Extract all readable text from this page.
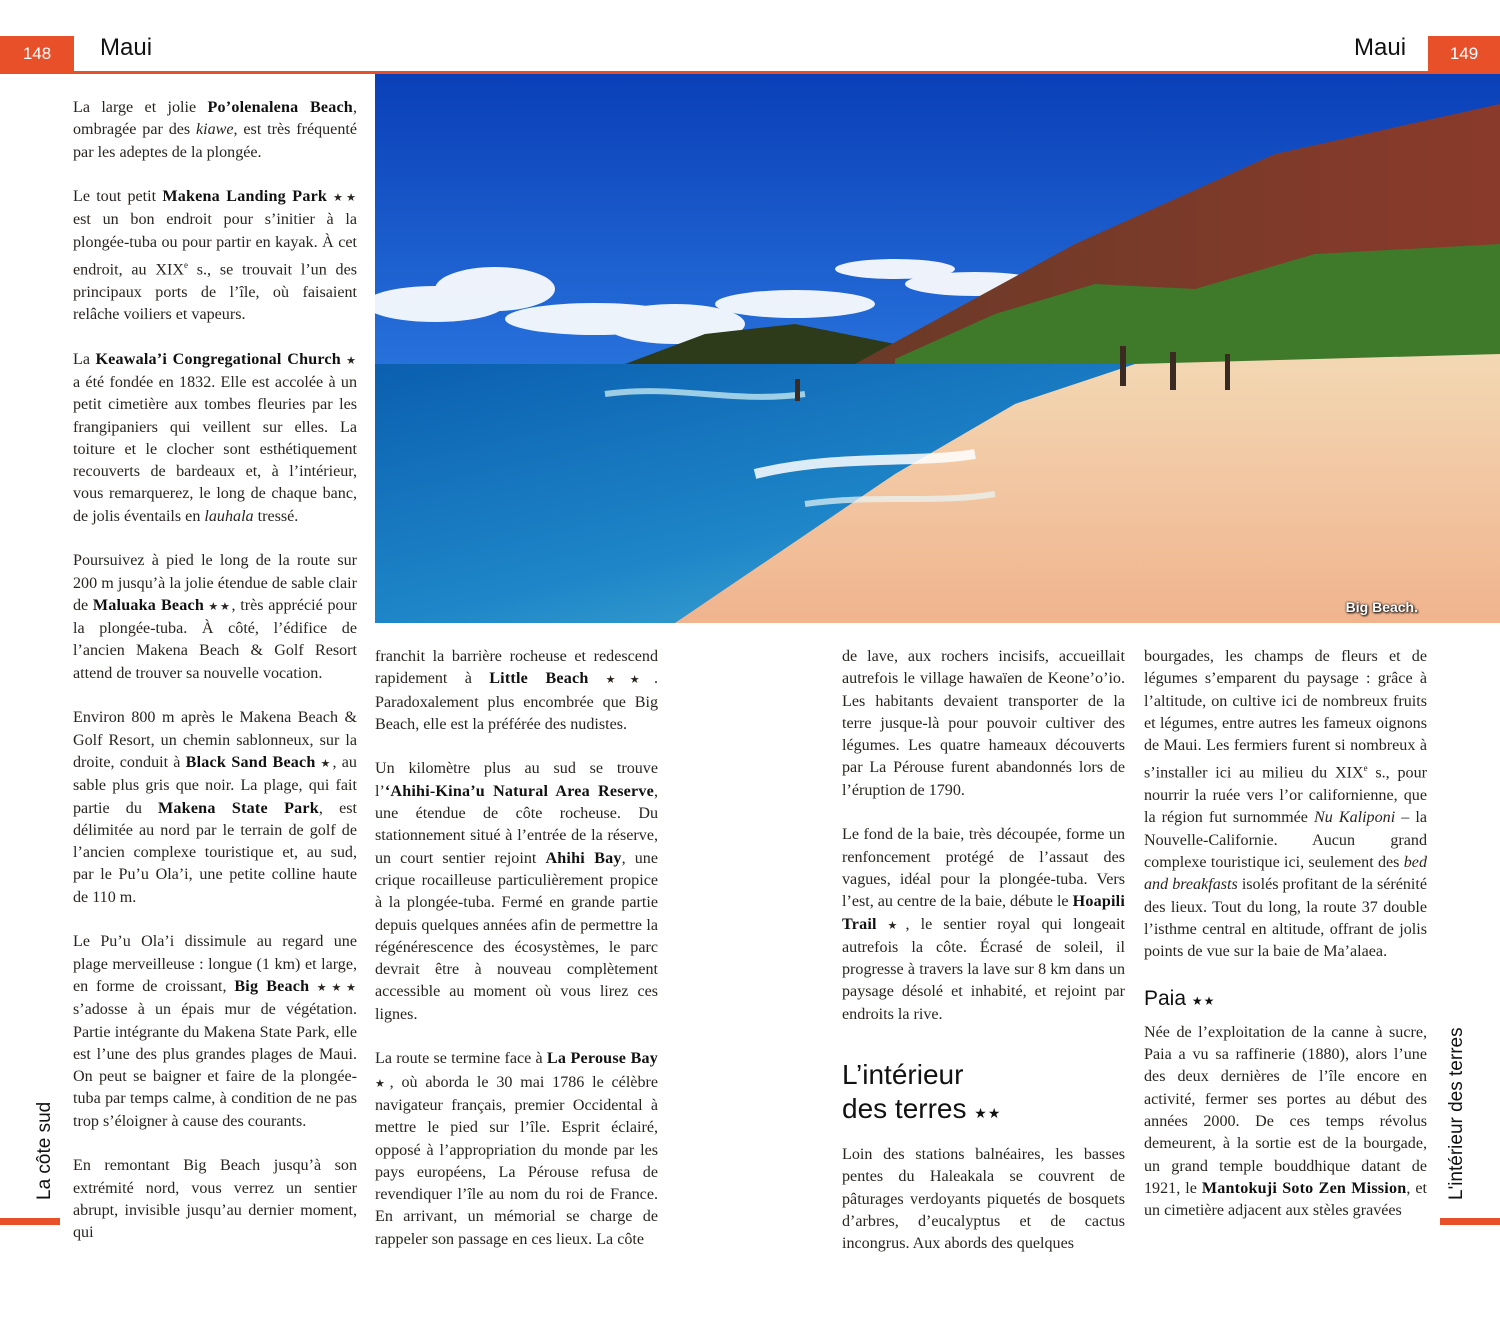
148	Maui	Maui	149
Big Beach.

La large et jolie Po’olenalena Beach, ombragée par des kiawe, est très fréquenté par les adeptes de la plongée.

Le tout petit Makena Landing Park ★★ est un bon endroit pour s’initier à la plongée-tuba ou pour partir en kayak. À cet endroit, au XIXe s., se trouvait l’un des principaux ports de l’île, où faisaient relâche voiliers et vapeurs.

La Keawala’i Congregational Church ★ a été fondée en 1832. Elle est accolée à un petit cimetière aux tombes fleuries par les frangipaniers qui veillent sur elles. La toiture et le clocher sont esthétiquement recouverts de bardeaux et, à l’intérieur, vous remarquerez, le long de chaque banc, de jolis éventails en lauhala tressé.

Poursuivez à pied le long de la route sur 200 m jusqu’à la jolie étendue de sable clair de Maluaka Beach ★★, très apprécié pour la plongée-tuba. À côté, l’édifice de l’ancien Makena Beach & Golf Resort attend de trouver sa nouvelle vocation.

Environ 800 m après le Makena Beach & Golf Resort, un chemin sablonneux, sur la droite, conduit à Black Sand Beach ★, au sable plus gris que noir. La plage, qui fait partie du Makena State Park, est délimitée au nord par le terrain de golf de l’ancien complexe touristique et, au sud, par le Pu’u Ola’i, une petite colline haute de 110 m.

Le Pu’u Ola’i dissimule au regard une plage merveilleuse : longue (1 km) et large, en forme de croissant, Big Beach ★★★ s’adosse à un épais mur de végétation. Partie intégrante du Makena State Park, elle est l’une des plus grandes plages de Maui. On peut se baigner et faire de la plongée-tuba par temps calme, à condition de ne pas trop s’éloigner à cause des courants.

En remontant Big Beach jusqu’à son extrémité nord, vous verrez un sentier abrupt, invisible jusqu’au dernier moment, qui

franchit la barrière rocheuse et redescend rapidement à Little Beach ★★. Paradoxalement plus encombrée que Big Beach, elle est la préférée des nudistes.

Un kilomètre plus au sud se trouve l’‘Ahihi-Kina’u Natural Area Reserve, une étendue de côte rocheuse. Du stationnement situé à l’entrée de la réserve, un court sentier rejoint Ahihi Bay, une crique rocailleuse particulièrement propice à la plongée-tuba. Fermé en grande partie depuis quelques années afin de permettre la régénérescence des écosystèmes, le parc devrait être à nouveau complètement accessible au moment où vous lirez ces lignes.

La route se termine face à La Perouse Bay ★, où aborda le 30 mai 1786 le célèbre navigateur français, premier Occidental à mettre le pied sur l’île. Esprit éclairé, opposé à l’appropriation du monde par les pays européens, La Pérouse refusa de revendiquer l’île au nom du roi de France. En arrivant, un mémorial se charge de rappeler son passage en ces lieux. La côte

de lave, aux rochers incisifs, accueillait autrefois le village hawaïen de Keone’o’io. Les habitants devaient transporter de la terre jusque-là pour pouvoir cultiver des légumes. Les quatre hameaux découverts par La Pérouse furent abandonnés lors de l’éruption de 1790.

Le fond de la baie, très découpée, forme un renfoncement protégé de l’assaut des vagues, idéal pour la plongée-tuba. Vers l’est, au centre de la baie, débute le Hoapili Trail ★, le sentier royal qui longeait autrefois la côte. Écrasé de soleil, il progresse à travers la lave sur 8 km dans un paysage désolé et inhabité, et rejoint par endroits la rive.

L’intérieur
des terres ★★

Loin des stations balnéaires, les basses pentes du Haleakala se couvrent de pâturages verdoyants piquetés de bosquets d’arbres, d’eucalyptus et de cactus incongrus. Aux abords des quelques

bourgades, les champs de fleurs et de légumes s’emparent du paysage : grâce à l’altitude, on cultive ici de nombreux fruits et légumes, entre autres les fameux oignons de Maui. Les fermiers furent si nombreux à s’installer ici au milieu du XIXe s., pour nourrir la ruée vers l’or californienne, que la région fut surnommée Nu Kaliponi – la Nouvelle-Californie. Aucun grand complexe touristique ici, seulement des bed and breakfasts isolés profitant de la sérénité des lieux. Tout du long, la route 37 double l’isthme central en altitude, offrant de jolis points de vue sur la baie de Ma’alaea.

Paia ★★

Née de l’exploitation de la canne à sucre, Paia a vu sa raffinerie (1880), alors l’une des deux dernières de l’île encore en activité, fermer ses portes au début des années 2000. De ces temps révolus demeurent, à la sortie est de la bourgade, un grand temple bouddhique datant de 1921, le Mantokuji Soto Zen Mission, et un cimetière adjacent aux stèles gravées

La côte sud	L'intérieur des terres
